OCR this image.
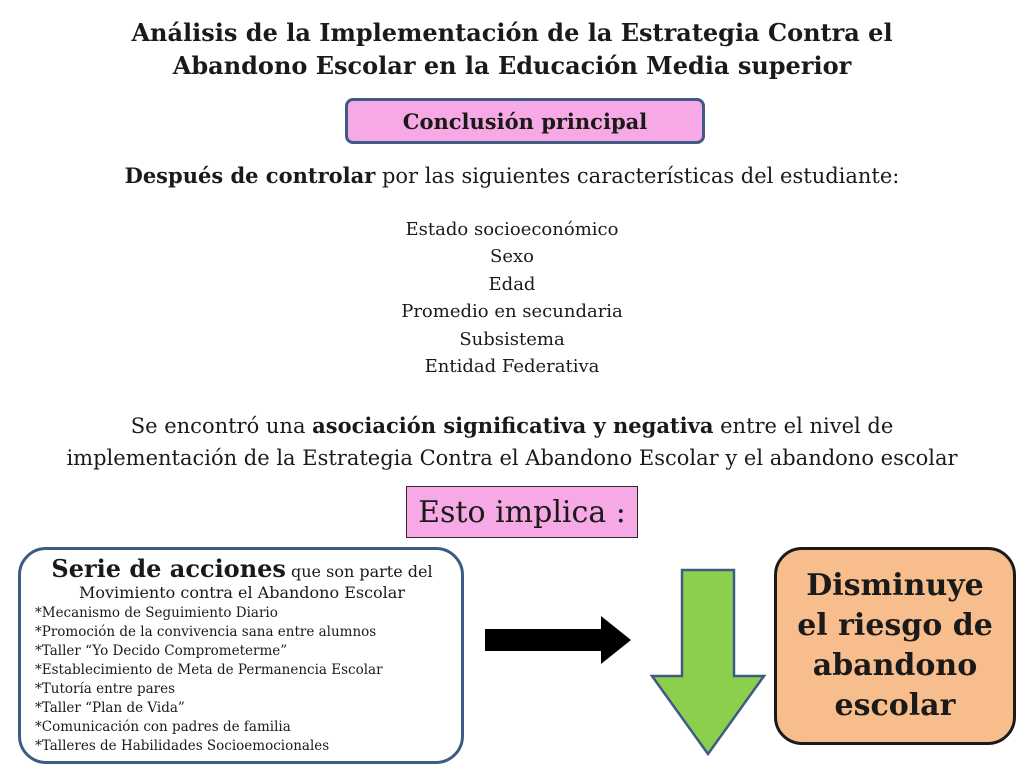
Análisis de la Implementación de la Estrategia Contra el
Abandono Escolar en la Educación Media superior
Conclusión principal
Después de controlar por las siguientes características del estudiante:
Estado socioeconómico
Sexo
Edad
Promedio en secundaria
Subsistema
Entidad Federativa
Se encontró una asociación significativa y negativa entre el nivel de
implementación de la Estrategia Contra el Abandono Escolar y el abandono escolar
Esto implica :
Serie de acciones que son parte del
Movimiento contra el Abandono Escolar
*Mecanismo de Seguimiento Diario
*Promoción de la convivencia sana entre alumnos
*Taller “Yo Decido Comprometerme”
*Establecimiento de Meta de Permanencia Escolar
*Tutoría entre pares
*Taller “Plan de Vida”
*Comunicación con padres de familia
*Talleres de Habilidades Socioemocionales
Disminuye
el riesgo de
abandono
escolar
